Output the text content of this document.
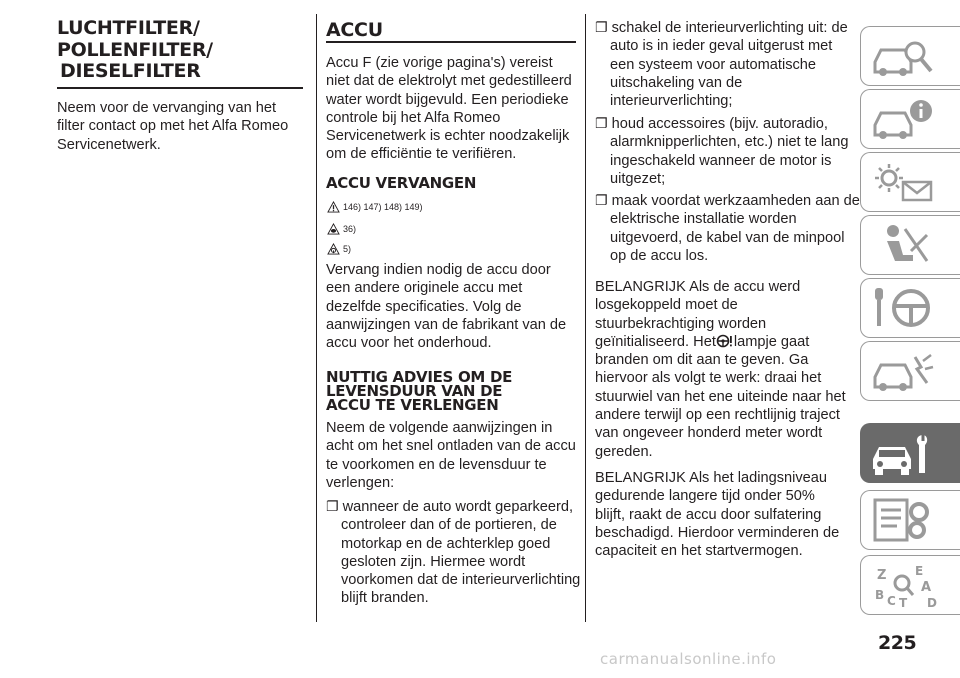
LUCHTFILTER/
POLLENFILTER/
DIESELFILTER

Neem voor de vervanging van het filter contact op met het Alfa Romeo Servicenetwerk.

ACCU

Accu F (zie vorige pagina's) vereist niet dat de elektrolyt met gedestilleerd water wordt bijgevuld. Een periodieke controle bij het Alfa Romeo Servicenetwerk is echter noodzakelijk om de efficiëntie te verifiëren.

ACCU VERVANGEN
146) 147) 148) 149)
36)
5)

Vervang indien nodig de accu door een andere originele accu met dezelfde specificaties. Volg de aanwijzingen van de fabrikant van de accu voor het onderhoud.

NUTTIG ADVIES OM DE
LEVENSDUUR VAN DE
ACCU TE VERLENGEN

Neem de volgende aanwijzingen in acht om het snel ontladen van de accu te voorkomen en de levensduur te verlengen:

❐ wanneer de auto wordt geparkeerd, controleer dan of de portieren, de motorkap en de achterklep goed gesloten zijn. Hiermee wordt voorkomen dat de interieurverlichting blijft branden.

❐ schakel de interieurverlichting uit: de auto is in ieder geval uitgerust met een systeem voor automatische uitschakeling van de interieurverlichting;

❐ houd accessoires (bijv. autoradio, alarmknipperlichten, etc.) niet te lang ingeschakeld wanneer de motor is uitgezet;

❐ maak voordat werkzaamheden aan de elektrische installatie worden uitgevoerd, de kabel van de minpool op de accu los.

BELANGRIJK Als de accu werd losgekoppeld moet de stuurbekrachtiging worden geïnitialiseerd. Het lampje gaat branden om dit aan te geven. Ga hiervoor als volgt te werk: draai het stuurwiel van het ene uiteinde naar het andere terwijl op een rechtlijnig traject van ongeveer honderd meter wordt gereden.

BELANGRIJK Als het ladingsniveau gedurende langere tijd onder 50% blijft, raakt de accu door sulfatering beschadigd. Hierdoor verminderen de capaciteit en het startvermogen.

Z E
A
B C T D
225
carmanualsonline.info
